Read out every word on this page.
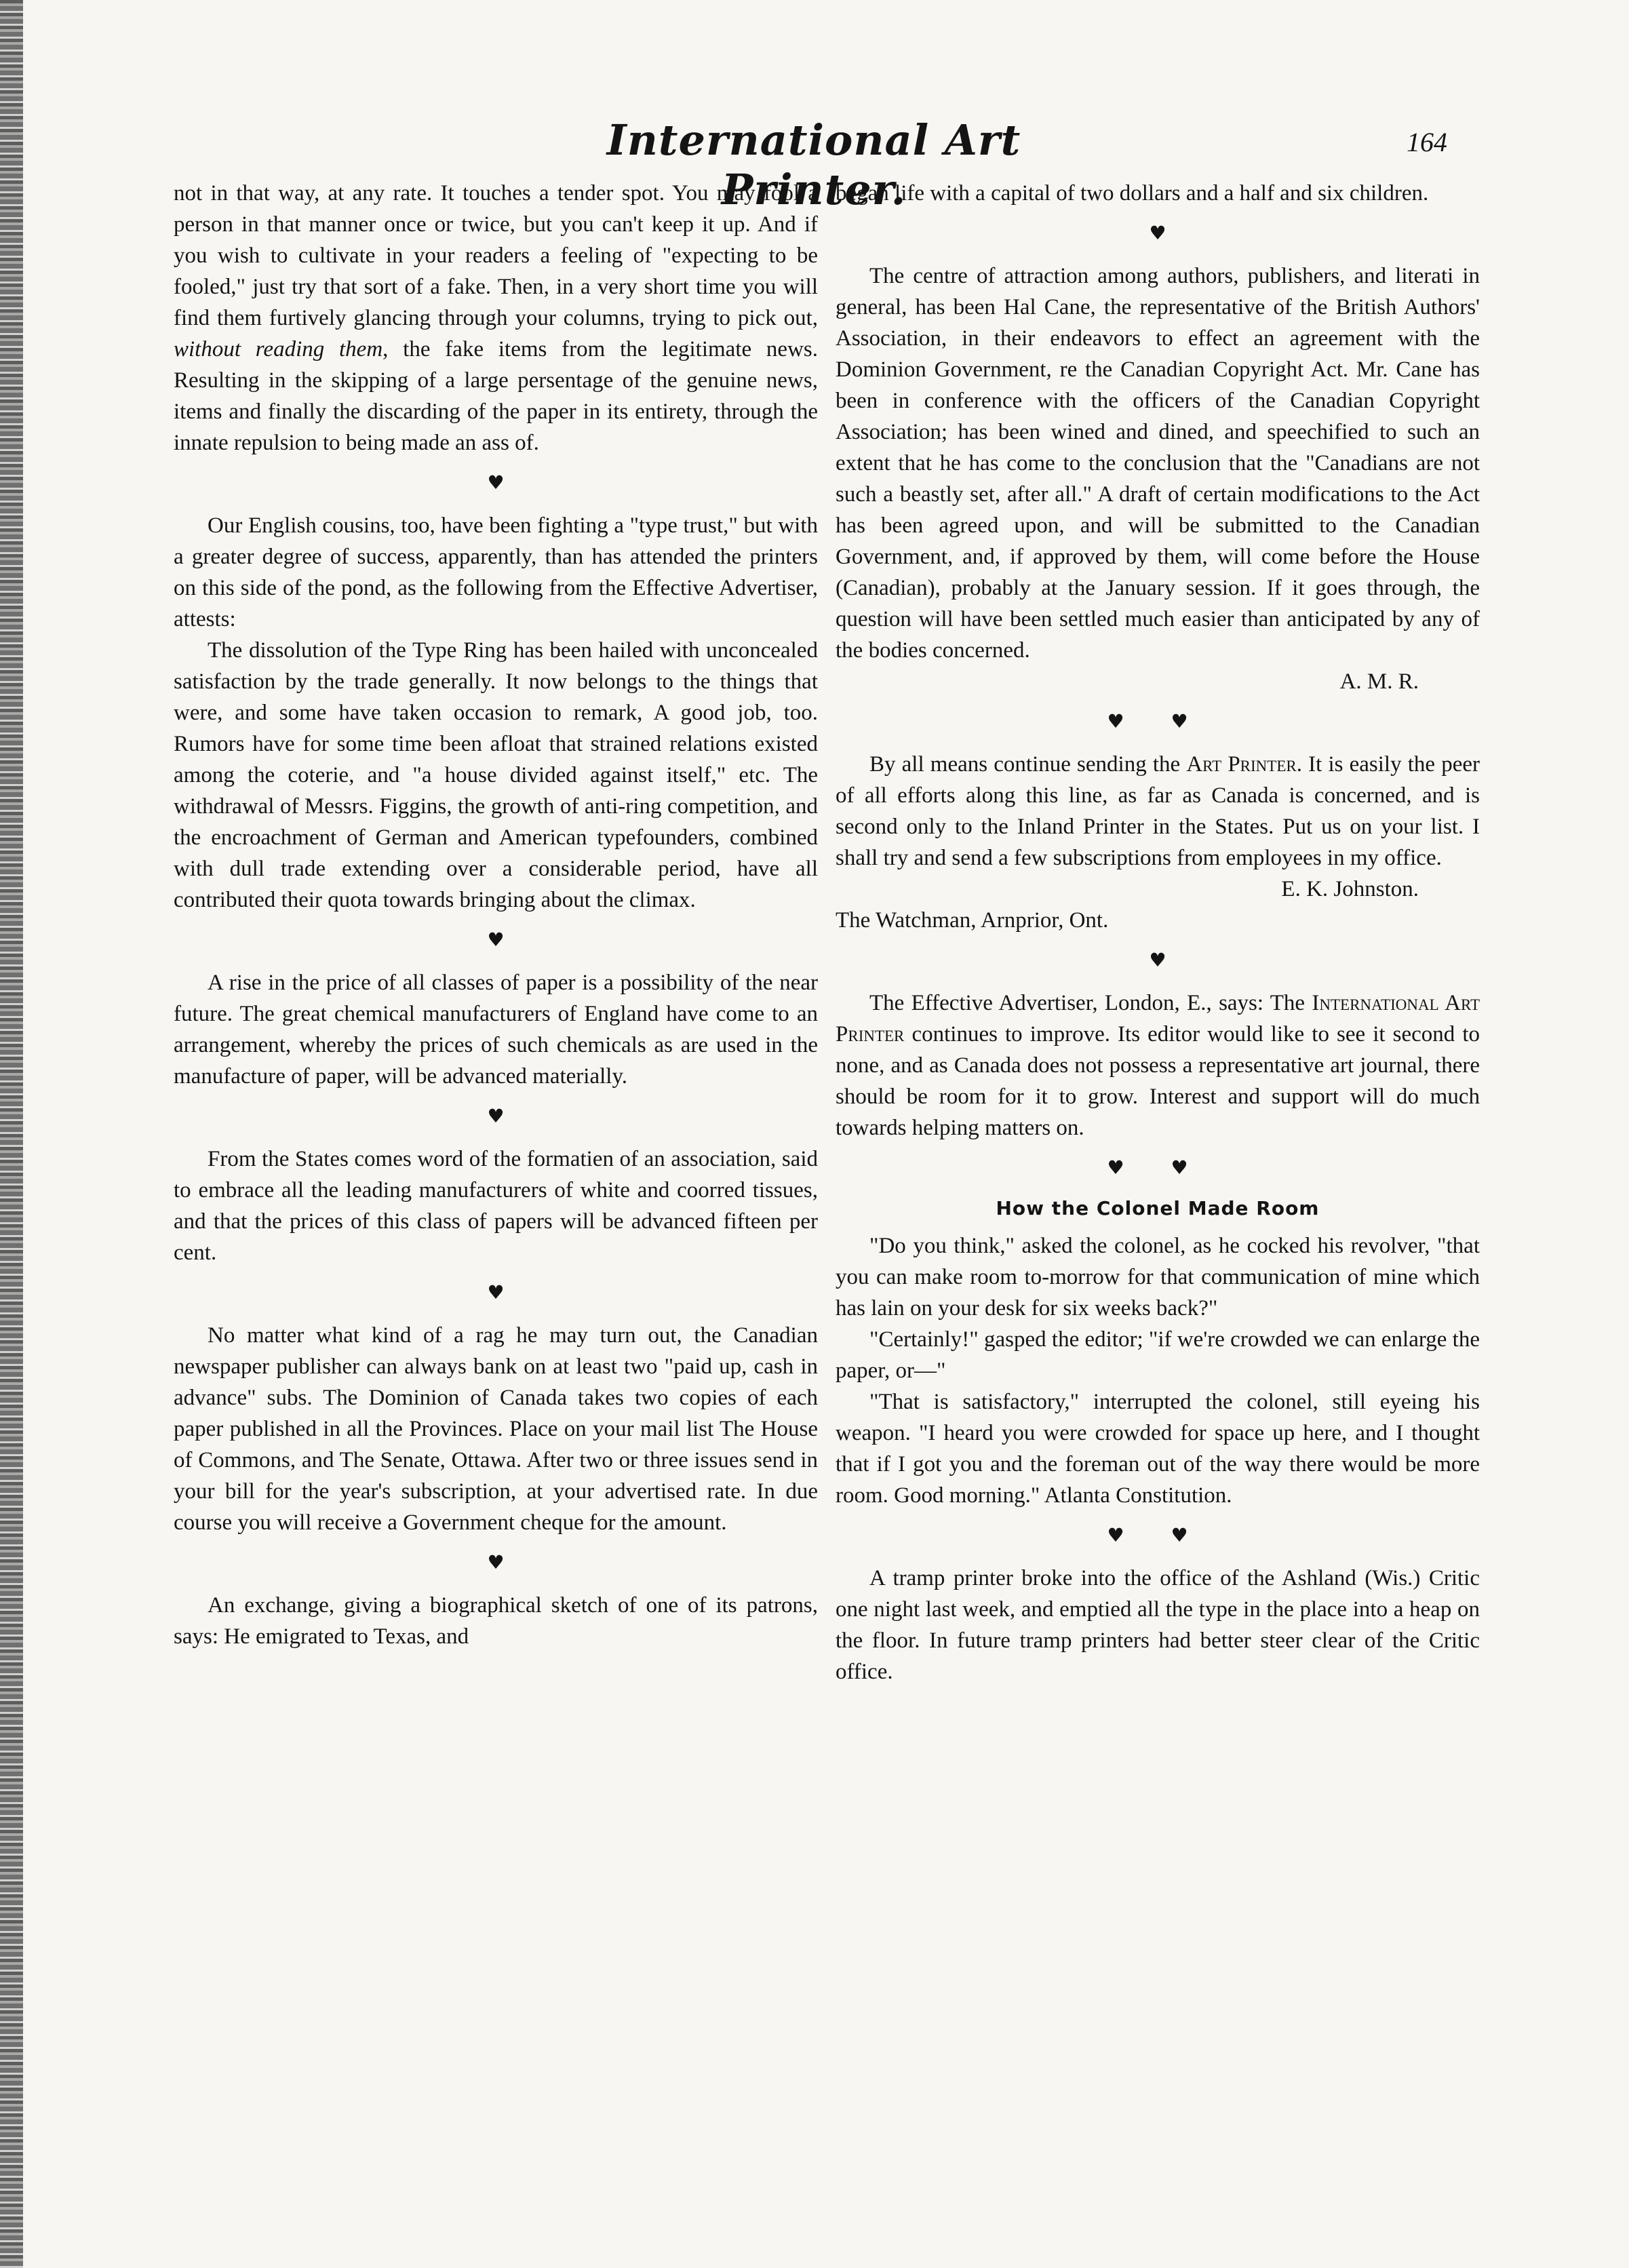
International Art Printer.
164

not in that way, at any rate. It touches a tender spot. You may fool a person in that manner once or twice, but you can't keep it up. And if you wish to cultivate in your readers a feeling of "expecting to be fooled," just try that sort of a fake. Then, in a very short time you will find them furtively glancing through your columns, trying to pick out, without reading them, the fake items from the legitimate news. Resulting in the skipping of a large persentage of the genuine news, items and finally the discarding of the paper in its entirety, through the innate repulsion to being made an ass of.

♥

Our English cousins, too, have been fighting a "type trust," but with a greater degree of success, apparently, than has attended the printers on this side of the pond, as the following from the Effective Advertiser, attests:

The dissolution of the Type Ring has been hailed with unconcealed satisfaction by the trade generally. It now belongs to the things that were, and some have taken occasion to remark, A good job, too. Rumors have for some time been afloat that strained relations existed among the coterie, and "a house divided against itself," etc. The withdrawal of Messrs. Figgins, the growth of anti-ring competition, and the encroachment of German and American typefounders, combined with dull trade extending over a considerable period, have all contributed their quota towards bringing about the climax.

♥

A rise in the price of all classes of paper is a possibility of the near future. The great chemical manufacturers of England have come to an arrangement, whereby the prices of such chemicals as are used in the manufacture of paper, will be advanced materially.

♥

From the States comes word of the formatien of an association, said to embrace all the leading manufacturers of white and coorred tissues, and that the prices of this class of papers will be advanced fifteen per cent.

♥

No matter what kind of a rag he may turn out, the Canadian newspaper publisher can always bank on at least two "paid up, cash in advance" subs. The Dominion of Canada takes two copies of each paper published in all the Provinces. Place on your mail list The House of Commons, and The Senate, Ottawa. After two or three issues send in your bill for the year's subscription, at your advertised rate. In due course you will receive a Government cheque for the amount.

♥

An exchange, giving a biographical sketch of one of its patrons, says: He emigrated to Texas, and

began life with a capital of two dollars and a half and six children.

♥

The centre of attraction among authors, publishers, and literati in general, has been Hal Cane, the representative of the British Authors' Association, in their endeavors to effect an agreement with the Dominion Government, re the Canadian Copyright Act. Mr. Cane has been in conference with the officers of the Canadian Copyright Association; has been wined and dined, and speechified to such an extent that he has come to the conclusion that the "Canadians are not such a beastly set, after all." A draft of certain modifications to the Act has been agreed upon, and will be submitted to the Canadian Government, and, if approved by them, will come before the House (Canadian), probably at the January session. If it goes through, the question will have been settled much easier than anticipated by any of the bodies concerned.

A. M. R.

♥ ♥

By all means continue sending the Art Printer. It is easily the peer of all efforts along this line, as far as Canada is concerned, and is second only to the Inland Printer in the States. Put us on your list. I shall try and send a few subscriptions from employees in my office.

E. K. Johnston.

The Watchman, Arnprior, Ont.

♥

The Effective Advertiser, London, E., says: The International Art Printer continues to improve. Its editor would like to see it second to none, and as Canada does not possess a representative art journal, there should be room for it to grow. Interest and support will do much towards helping matters on.

♥ ♥
How the Colonel Made Room

"Do you think," asked the colonel, as he cocked his revolver, "that you can make room to-morrow for that communication of mine which has lain on your desk for six weeks back?"

"Certainly!" gasped the editor; "if we're crowded we can enlarge the paper, or—"

"That is satisfactory," interrupted the colonel, still eyeing his weapon. "I heard you were crowded for space up here, and I thought that if I got you and the foreman out of the way there would be more room. Good morning." Atlanta Constitution.

♥ ♥

A tramp printer broke into the office of the Ashland (Wis.) Critic one night last week, and emptied all the type in the place into a heap on the floor. In future tramp printers had better steer clear of the Critic office.
